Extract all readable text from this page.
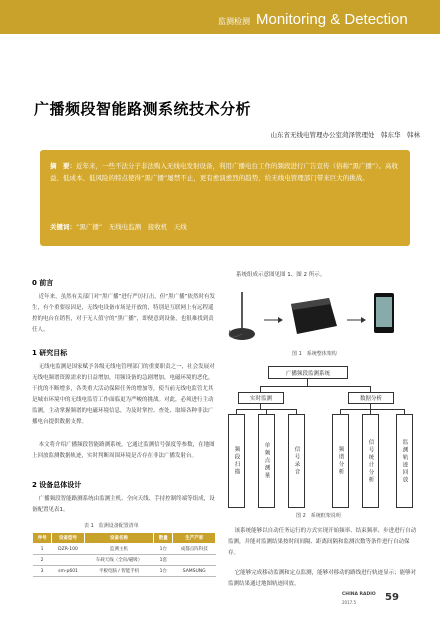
监测检测 Monitoring & Detection
广播频段智能路测系统技术分析
山东省无线电管理办公室菏泽管理处　韩东华　韩林
摘　要：近年来，一些不法分子非法购入无线电发射设备，利用广播电台工作的频段进行广告宣传（俗称“黑广播”）。高收益、低成本、低风险的特点使得“黑广播”屡禁不止，更有愈演愈烈的趋势，给无线电管理部门带来巨大的挑战。
关键词：“黑广播”　无线电监测　接收机　天线
0 前言
近年来，虽然有关部门对“黑广播”进行严厉打击，但“黑广播”依然时有发生，有个重要原因是，无线电设备市场是开放的，特别是互联网上有远程遥控的电台在销售，对于无人值守的“黑广播”，即便意到设备，也很难找到责任人。
1 研究目标
无线电监测是国家赋予各级无线电管理部门的重要职责之一，社会发展对无线电频谱资源需求的日益增加，用频设备的急剧增加，电磁环境的恶化，干扰的不断增多，各类重大活动保障任务的增加等，使当前无线电监管尤其是城市环境中的无线电监管工作面临更为严峻的挑战。对此，必须进行主动监测，主动掌握频谱的电磁环境信息，为及时掌控、查处、取缔各种非法广播电台提供数据支撑。
本文将介绍广播频段智能路测系统，它通过监测信号强度等参数，在地图上回放监测数据轨迹，实时判断周围环境是否存在非法广播发射台。
2 设备总体设计
广播频段智能路测系统由监测主机、全向天线、手持控制终端等组成，设备配置见表1。
表 1　监测设备配置清单
序号	设备型号	设备名称	数量	生产产家
1	DZR-100	监测主机	1台	成都点阵科技
2		车载天线（全向/磁吸）	1套	
3	sm-p601	平板电脑 / 智能手机	1台	SAMSUNG
系统组成示意图见图 1、图 2 所示。
图 1　系统整体架构
广播频段监测系统
实时监测	数据分析
频段扫描	单频点测量	信号录音	频谱分析	信号统计分析	监测轨迹回放
图 2　系统框架说明
该系统能够以自动任务运行的方式实现开始频率、结束频率、步进进行自动监测，并能对监测结果按时间间隔、距离间隔和监测次数等条件进行自动保存。
它能够完成移动监测和定点监测，能够对移动的路线进行轨迹显示；能够对监测结果通过地图轨迹回放。
CHINA RADIO
2017.5	59
